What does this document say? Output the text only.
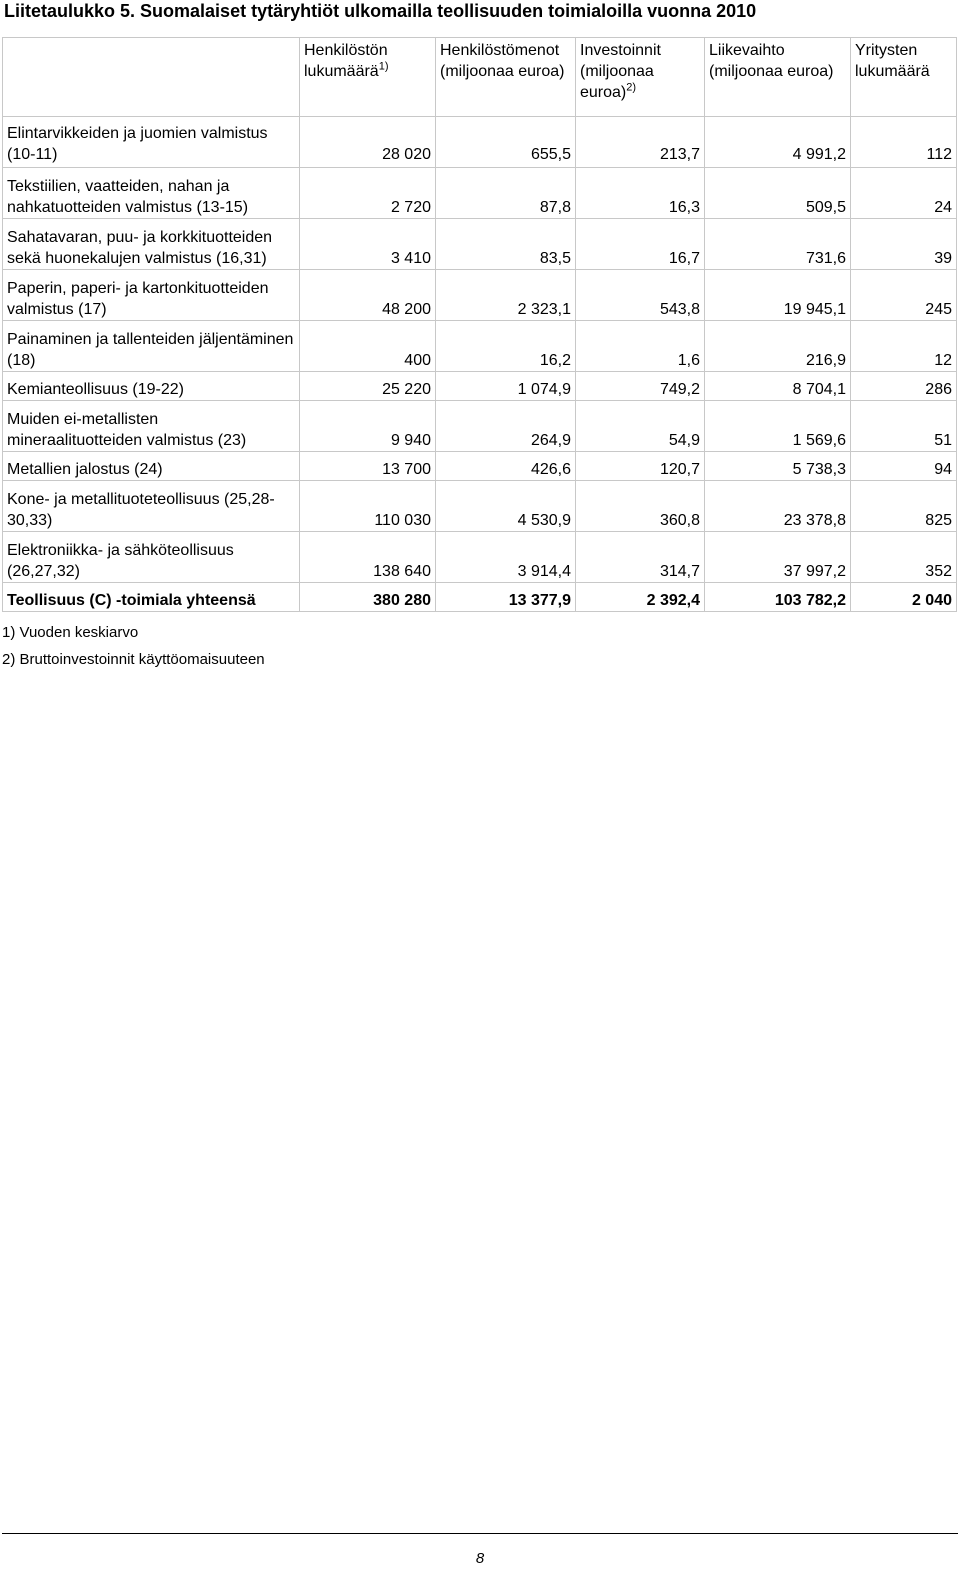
Liitetaulukko 5. Suomalaiset tytäryhtiöt ulkomailla teollisuuden toimialoilla vuonna 2010
	Henkilöstön lukumäärä$^{1)}$	Henkilöstömenot (miljoonaa euroa)	Investoinnit (miljoonaa euroa)$^{2)}$	Liikevaihto (miljoonaa euroa)	Yritysten lukumäärä
Elintarvikkeiden ja juomien valmistus (10-11)	28 020	655,5	213,7	4 991,2	112
Tekstiilien, vaatteiden, nahan ja nahkatuotteiden valmistus (13-15)	2 720	87,8	16,3	509,5	24
Sahatavaran, puu- ja korkkituotteiden sekä huonekalujen valmistus (16,31)	3 410	83,5	16,7	731,6	39
Paperin, paperi- ja kartonkituotteiden valmistus (17)	48 200	2 323,1	543,8	19 945,1	245
Painaminen ja tallenteiden jäljentäminen (18)	400	16,2	1,6	216,9	12
Kemianteollisuus (19-22)	25 220	1 074,9	749,2	8 704,1	286
Muiden ei-metallisten mineraalituotteiden valmistus (23)	9 940	264,9	54,9	1 569,6	51
Metallien jalostus (24)	13 700	426,6	120,7	5 738,3	94
Kone- ja metallituoteteollisuus (25,28-30,33)	110 030	4 530,9	360,8	23 378,8	825
Elektroniikka- ja sähköteollisuus (26,27,32)	138 640	3 914,4	314,7	37 997,2	352
Teollisuus (C) -toimiala yhteensä	380 280	13 377,9	2 392,4	103 782,2	2 040
1) Vuoden keskiarvo
2) Bruttoinvestoinnit käyttöomaisuuteen
8
